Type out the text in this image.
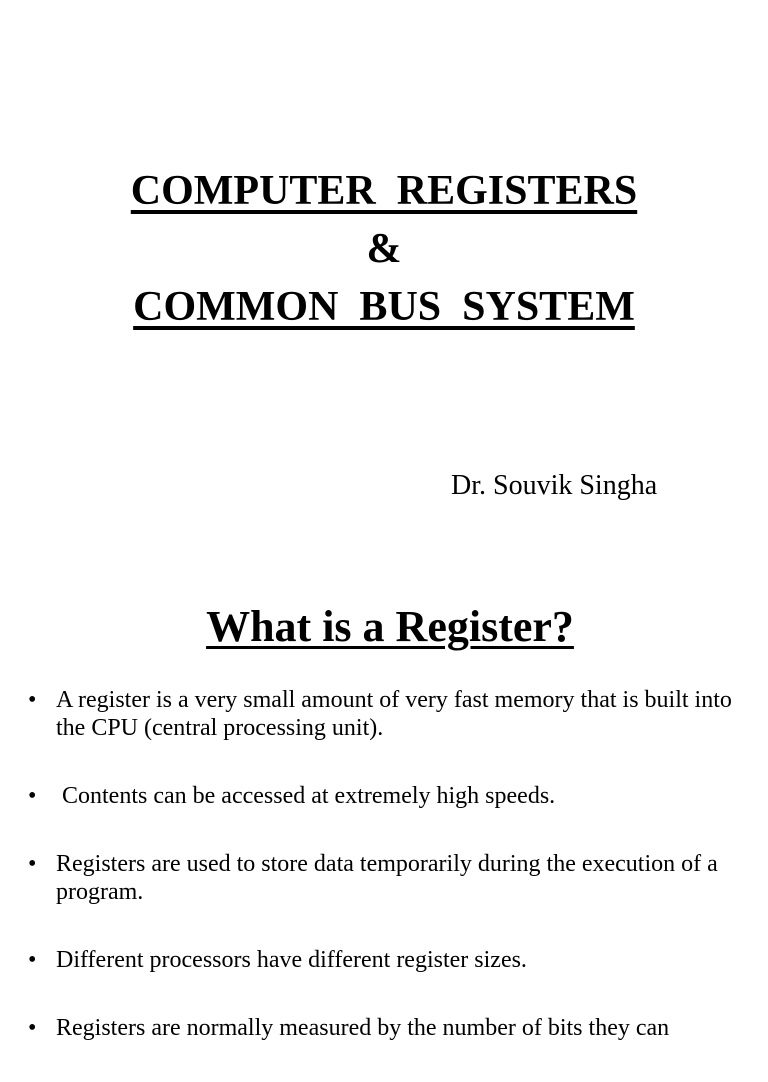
COMPUTER  REGISTERS
&
COMMON  BUS  SYSTEM
Dr. Souvik Singha
What is a Register?
• A register is a very small amount of very fast memory that is built into the CPU (central processing unit).
• Contents can be accessed at extremely high speeds.
• Registers are used to store data temporarily during the execution of a program.
• Different processors have different register sizes.
• Registers are normally measured by the number of bits they can
